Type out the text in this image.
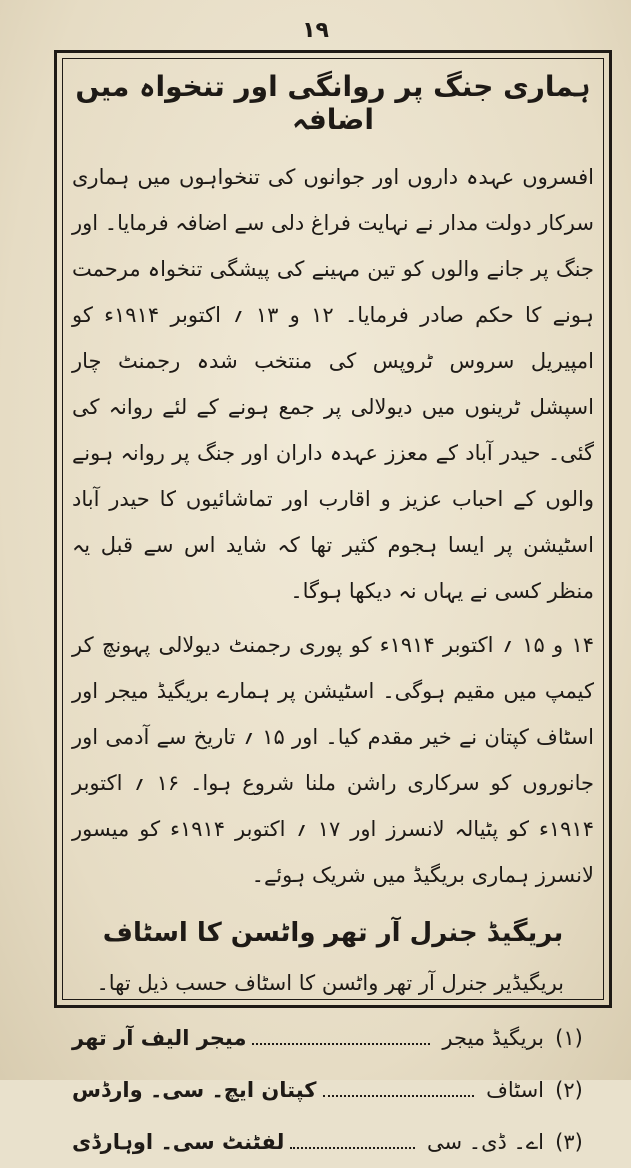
١٩
ہماری جنگ پر روانگی اور تنخواہ میں اضافہ

افسروں عہدہ داروں اور جوانوں کی تنخواہوں میں ہماری سرکار دولت مدار نے نہایت فراغ دلی سے اضافہ فرمایا۔ اور جنگ پر جانے والوں کو تین مہینے کی پیشگی تنخواہ مرحمت ہونے کا حکم صادر فرمایا۔ ۱۲ و ۱۳ ؍ اکتوبر ۱۹۱۴ء کو امپیریل سروس ٹروپس کی منتخب شدہ رجمنٹ چار اسپشل ٹرینوں میں دیولالی پر جمع ہونے کے لئے روانہ کی گئی۔ حیدر آباد کے معزز عہدہ داران اور جنگ پر روانہ ہونے والوں کے احباب عزیز و اقارب اور تماشائیوں کا حیدر آباد اسٹیشن پر ایسا ہجوم کثیر تھا کہ شاید اس سے قبل یہ منظر کسی نے یہاں نہ دیکھا ہوگا۔

۱۴ و ۱۵ ؍ اکتوبر ۱۹۱۴ء کو پوری رجمنٹ دیولالی پہونچ کر کیمپ میں مقیم ہوگی۔ اسٹیشن پر ہمارے بریگیڈ میجر اور اسٹاف کپتان نے خیر مقدم کیا۔ اور ۱۵ ؍ تاریخ سے آدمی اور جانوروں کو سرکاری راشن ملنا شروع ہوا۔ ۱۶ ؍ اکتوبر ۱۹۱۴ء کو پٹیالہ لانسرز اور ۱۷ ؍ اکتوبر ۱۹۱۴ء کو میسور لانسرز ہماری بریگیڈ میں شریک ہوئے۔

بریگیڈ جنرل آر تھر واٹسن کا اسٹاف

بریگیڈیر جنرل آر تھر واٹسن کا اسٹاف حسب ذیل تھا۔

(۱)
بریگیڈ میجر
میجر الیف آر تھر
(۲)
اسٹاف
کپتان ایچ۔ سی۔ وارڈس
(۳)
اے۔ ڈی۔ سی
لفٹنٹ سی۔ اوہارڈی
